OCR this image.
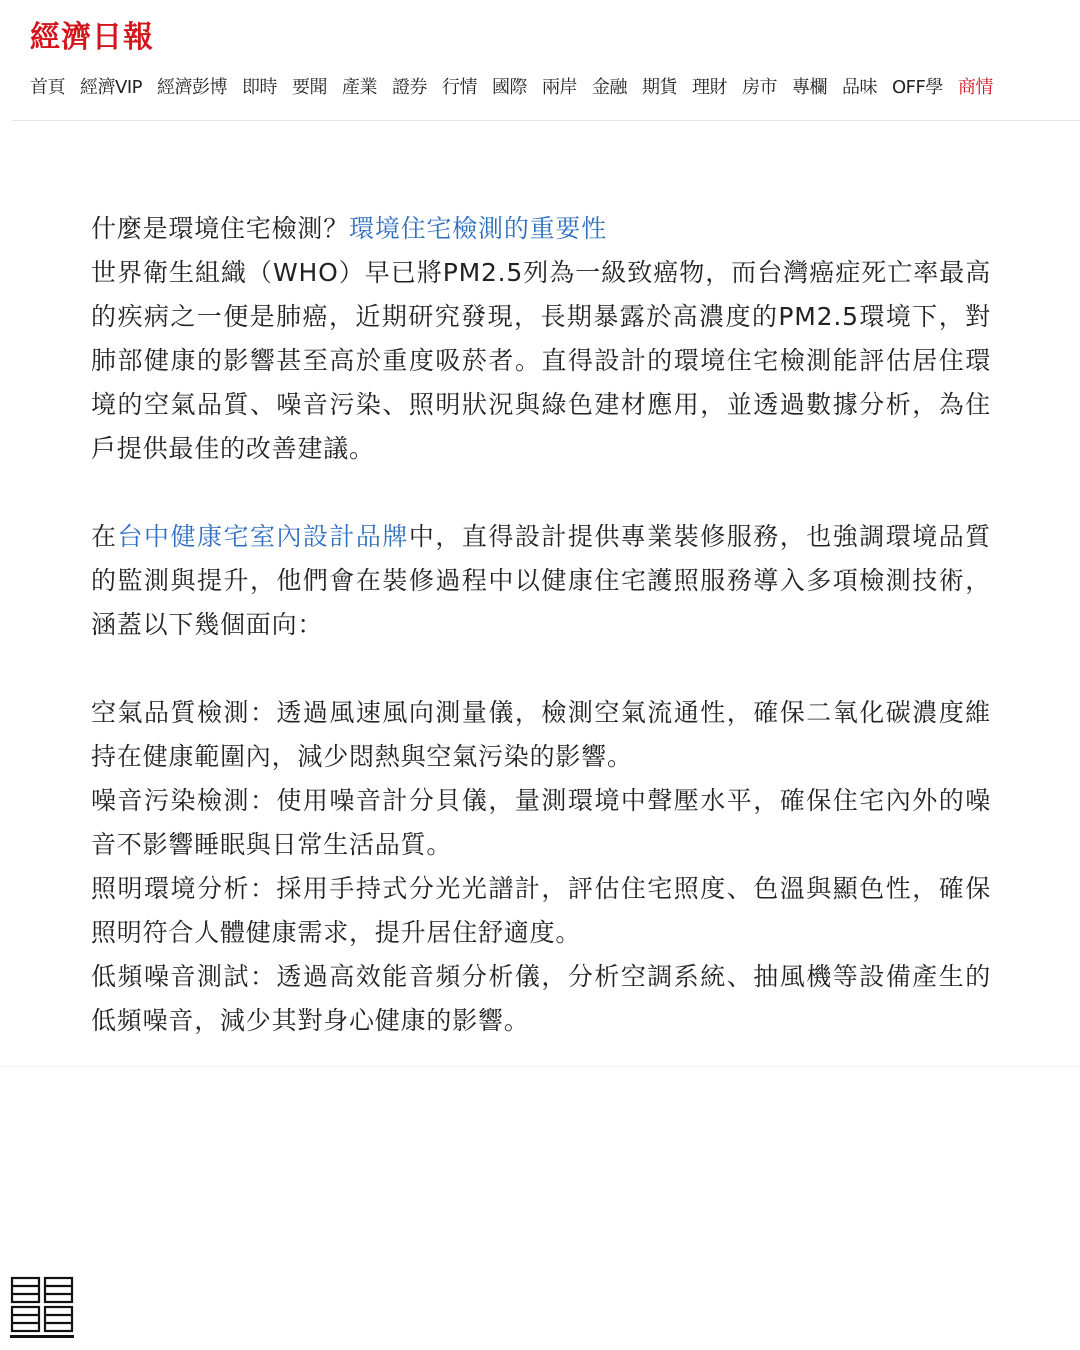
經濟日報
首頁 經濟VIP 經濟彭博 即時 要聞 產業 證券 行情 國際 兩岸 金融 期貨 理財 房市 專欄 品味 OFF學 商情

什麼是環境住宅檢測？環境住宅檢測的重要性

世界衛生組織（WHO）早已將PM2.5列為一級致癌物，而台灣癌症死亡率最高的疾病之一便是肺癌，近期研究發現，長期暴露於高濃度的PM2.5環境下，對肺部健康的影響甚至高於重度吸菸者。直得設計的環境住宅檢測能評估居住環境的空氣品質、噪音污染、照明狀況與綠色建材應用，並透過數據分析，為住戶提供最佳的改善建議。

在台中健康宅室內設計品牌中，直得設計提供專業裝修服務，也強調環境品質的監測與提升，他們會在裝修過程中以健康住宅護照服務導入多項檢測技術，涵蓋以下幾個面向：

空氣品質檢測：透過風速風向測量儀，檢測空氣流通性，確保二氧化碳濃度維持在健康範圍內，減少悶熱與空氣污染的影響。

噪音污染檢測：使用噪音計分貝儀，量測環境中聲壓水平，確保住宅內外的噪音不影響睡眠與日常生活品質。

照明環境分析：採用手持式分光光譜計，評估住宅照度、色溫與顯色性，確保照明符合人體健康需求，提升居住舒適度。

低頻噪音測試：透過高效能音頻分析儀，分析空調系統、抽風機等設備產生的低頻噪音，減少其對身心健康的影響。
